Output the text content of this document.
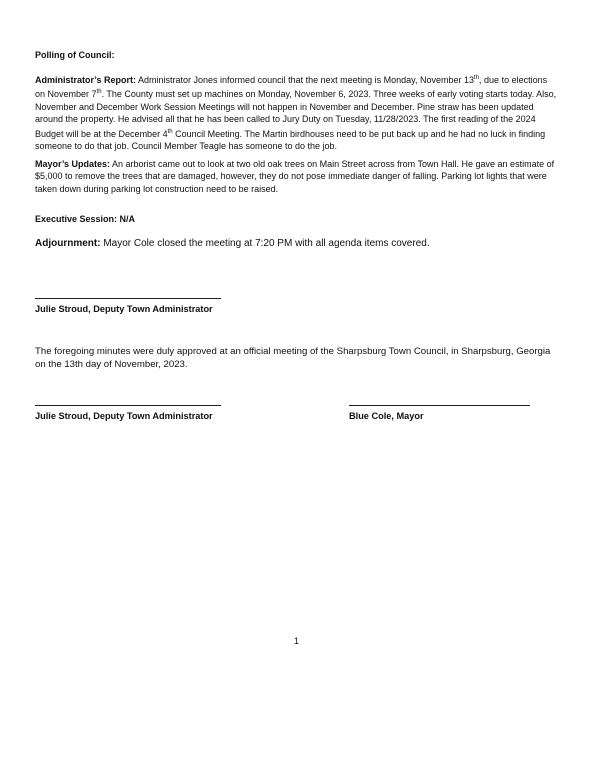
Polling of Council:

Administrator’s Report: Administrator Jones informed council that the next meeting is Monday, November 13th, due to elections on November 7th. The County must set up machines on Monday, November 6, 2023. Three weeks of early voting starts today. Also, November and December Work Session Meetings will not happen in November and December. Pine straw has been updated around the property. He advised all that he has been called to Jury Duty on Tuesday, 11/28/2023. The first reading of the 2024 Budget will be at the December 4th Council Meeting. The Martin birdhouses need to be put back up and he had no luck in finding someone to do that job. Council Member Teagle has someone to do the job.

Mayor’s Updates: An arborist came out to look at two old oak trees on Main Street across from Town Hall. He gave an estimate of $5,000 to remove the trees that are damaged, however, they do not pose immediate danger of falling. Parking lot lights that were taken down during parking lot construction need to be raised.

Executive Session: N/A

Adjournment: Mayor Cole closed the meeting at 7:20 PM with all agenda items covered.

Julie Stroud, Deputy Town Administrator

The foregoing minutes were duly approved at an official meeting of the Sharpsburg Town Council, in Sharpsburg, Georgia on the 13th day of November, 2023.

Julie Stroud, Deputy Town Administrator	Blue Cole, Mayor
1
